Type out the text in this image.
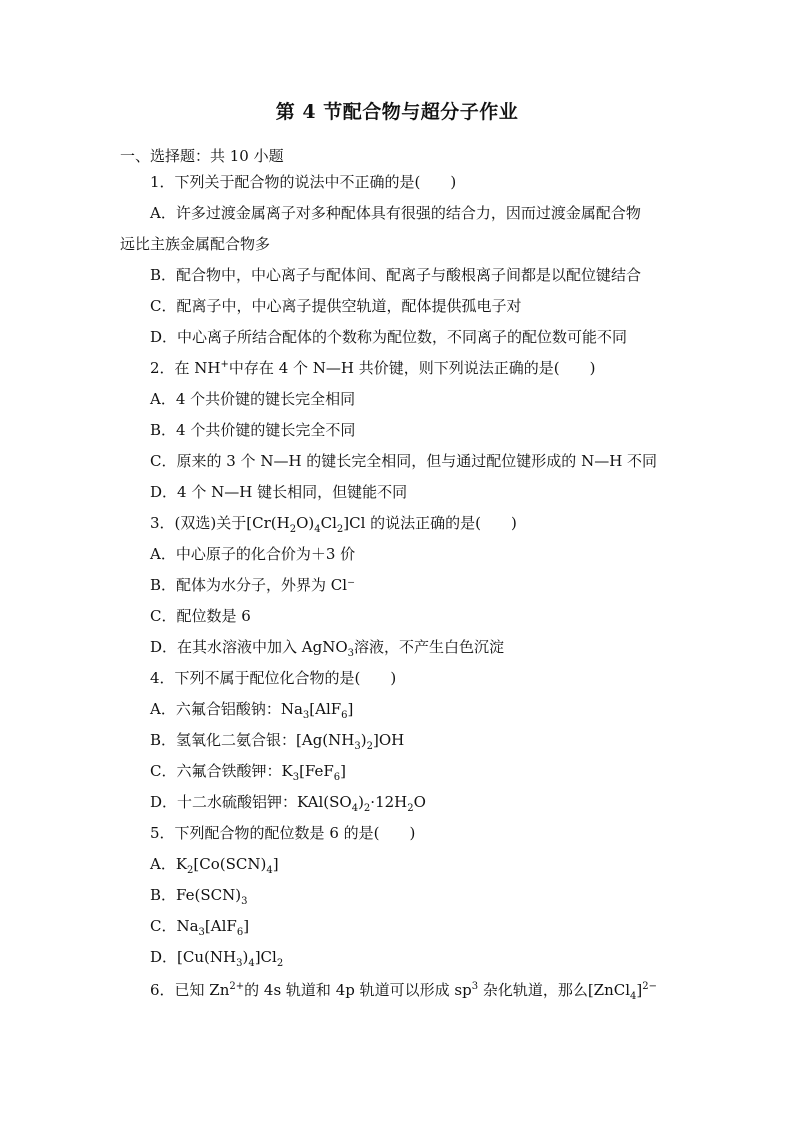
第 4 节配合物与超分子作业
一、选择题：共 10 小题
1．下列关于配合物的说法中不正确的是(　　)
A．许多过渡金属离子对多种配体具有很强的结合力，因而过渡金属配合物
远比主族金属配合物多
B．配合物中，中心离子与配体间、配离子与酸根离子间都是以配位键结合
C．配离子中，中心离子提供空轨道，配体提供孤电子对
D．中心离子所结合配体的个数称为配位数，不同离子的配位数可能不同
2．在 NH+中存在 4 个 N—H 共价键，则下列说法正确的是(　　)
A．4 个共价键的键长完全相同
B．4 个共价键的键长完全不同
C．原来的 3 个 N—H 的键长完全相同，但与通过配位键形成的 N—H 不同
D．4 个 N—H 键长相同，但键能不同
3．(双选)关于$[Cr(H_2O)_4Cl_2]Cl$ 的说法正确的是(　　)
A．中心原子的化合价为＋3 价
B．配体为水分子，外界为 Cl⁻
C．配位数是 6
D．在其水溶液中加入 AgNO$_3$溶液，不产生白色沉淀
4．下列不属于配位化合物的是(　　)
A．六氟合铝酸钠：$Na_3[AlF_6]$
B．氢氧化二氨合银：$[Ag(NH_3)_2]OH$
C．六氟合铁酸钾：$K_3[FeF_6]$
D．十二水硫酸铝钾：$KAl(SO_4)_2\cdot 12H_2O$
5．下列配合物的配位数是 6 的是(　　)
A．$K_2[Co(SCN)_4]$
B．$Fe(SCN)_3$
C．$Na_3[AlF_6]$
D．$[Cu(NH_3)_4]Cl_2$
6．已知 $Zn^{2+}$的 4s 轨道和 4p 轨道可以形成 $sp^3$ 杂化轨道，那么[ZnCl$_4$]$^{2-}$
